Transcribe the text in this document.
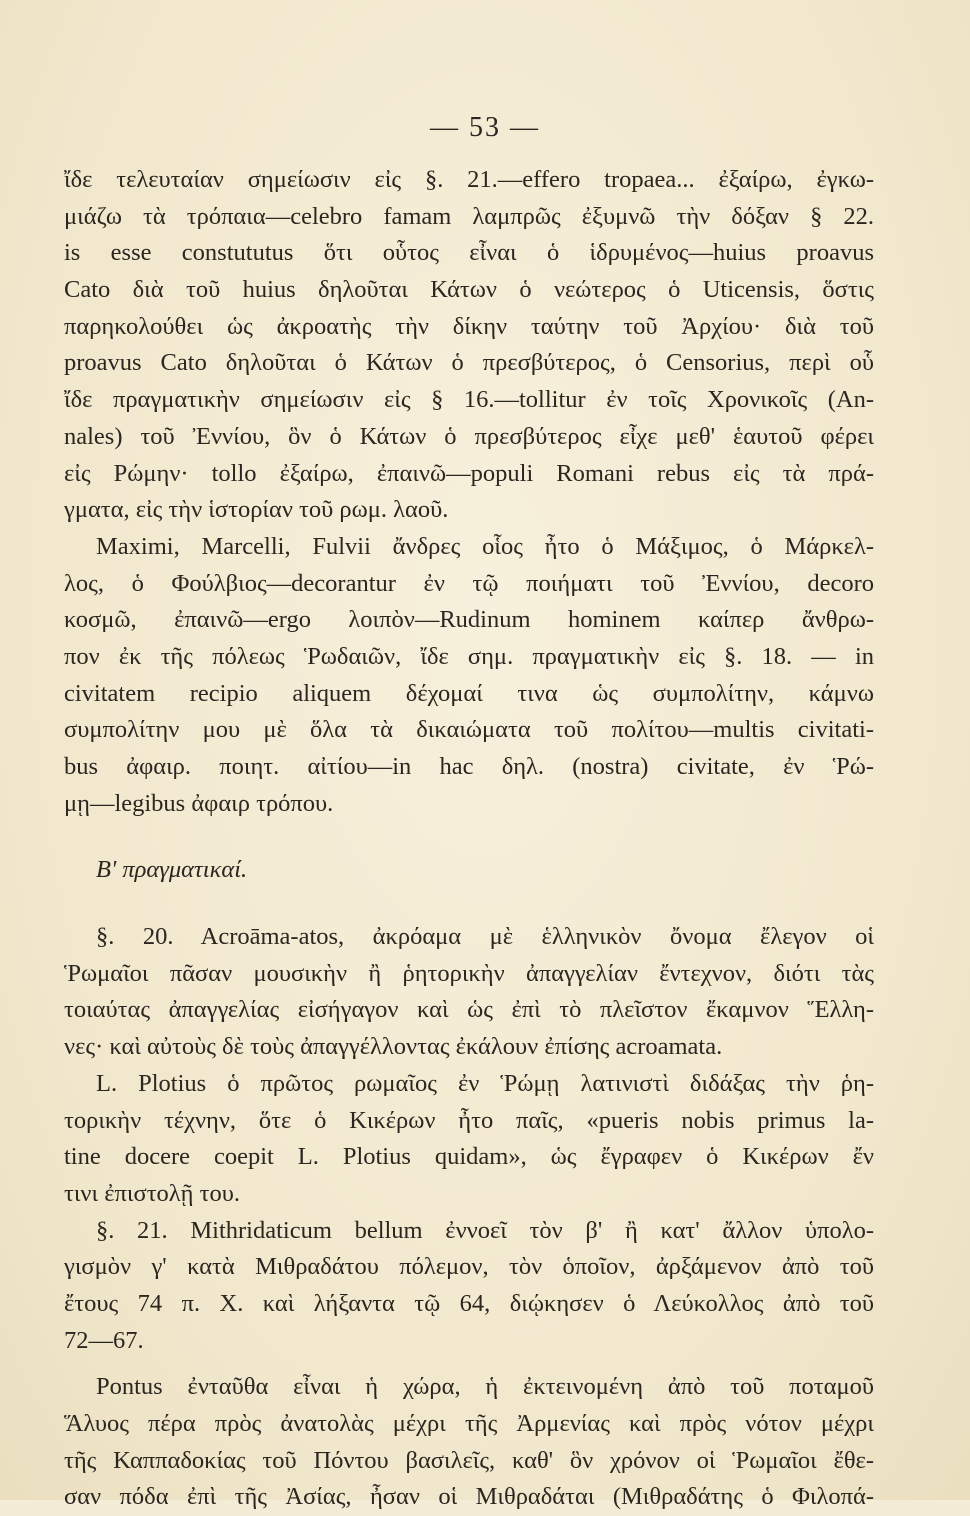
— 53 —
ἴδε τελευταίαν σημείωσιν εἰς §. 21.—effero tropaea... ἐξαίρω, ἐγκω-
μιάζω τὰ τρόπαια—celebro famam λαμπρῶς ἐξυμνῶ τὴν δόξαν § 22.
is esse constututus ὅτι οὗτος εἶναι ὁ ἱδρυμένος—huius proavus
Cato διὰ τοῦ huius δηλοῦται Κάτων ὁ νεώτερος ὁ Uticensis, ὅστις
παρηκολούθει ὡς ἀκροατὴς τὴν δίκην ταύτην τοῦ Ἀρχίου· διὰ τοῦ
proavus Cato δηλοῦται ὁ Κάτων ὁ πρεσβύτερος, ὁ Censorius, περὶ οὗ
ἴδε πραγματικὴν σημείωσιν εἰς § 16.—tollitur ἐν τοῖς Χρονικοῖς (An-
nales) τοῦ Ἐννίου, ὃν ὁ Κάτων ὁ πρεσβύτερος εἶχε μεθ' ἑαυτοῦ φέρει
εἰς Ρώμην· tollo ἐξαίρω, ἐπαινῶ—populi Romani rebus εἰς τὰ πρά-
γματα, εἰς τὴν ἱστορίαν τοῦ ρωμ. λαοῦ.
Maximi, Marcelli, Fulvii ἄνδρες οἷος ἦτο ὁ Μάξιμος, ὁ Μάρκελ-
λος, ὁ Φούλβιος—decorantur ἐν τῷ ποιήματι τοῦ Ἐννίου, decoro
κοσμῶ, ἐπαινῶ—ergo λοιπὸν—Rudinum hominem καίπερ ἄνθρω-
πον ἐκ τῆς πόλεως Ῥωδαιῶν, ἴδε σημ. πραγματικὴν εἰς §. 18. — in
civitatem recipio aliquem δέχομαί τινα ὡς συμπολίτην, κάμνω
συμπολίτην μου μὲ ὅλα τὰ δικαιώματα τοῦ πολίτου—multis civitati-
bus ἀφαιρ. ποιητ. αἰτίου—in hac δηλ. (nostra) civitate, ἐν Ῥώ-
μῃ—legibus ἀφαιρ τρόπου.
Β' πραγματικαί.
§. 20. Acroāma-atos, ἀκρόαμα μὲ ἑλληνικὸν ὄνομα ἔλεγον οἱ
Ῥωμαῖοι πᾶσαν μουσικὴν ἢ ῥητορικὴν ἀπαγγελίαν ἔντεχνον, διότι τὰς
τοιαύτας ἀπαγγελίας εἰσήγαγον καὶ ὡς ἐπὶ τὸ πλεῖστον ἔκαμνον Ἕλλη-
νες· καὶ αὐτοὺς δὲ τοὺς ἀπαγγέλλοντας ἐκάλουν ἐπίσης acroamata.
L. Plotius ὁ πρῶτος ρωμαῖος ἐν Ῥώμῃ λατινιστὶ διδάξας τὴν ῥη-
τορικὴν τέχνην, ὅτε ὁ Κικέρων ἦτο παῖς, «pueris nobis primus la-
tine docere coepit L. Plotius quidam», ὡς ἔγραφεν ὁ Κικέρων ἔν
τινι ἐπιστολῇ του.
§. 21. Mithridaticum bellum ἐννοεῖ τὸν β' ἢ κατ' ἄλλον ὑπολο-
γισμὸν γ' κατὰ Μιθραδάτου πόλεμον, τὸν ὁποῖον, ἀρξάμενον ἀπὸ τοῦ
ἔτους 74 π. Χ. καὶ λήξαντα τῷ 64, διῴκησεν ὁ Λεύκολλος ἀπὸ τοῦ
72—67.
Pontus ἐνταῦθα εἶναι ἡ χώρα, ἡ ἐκτεινομένη ἀπὸ τοῦ ποταμοῦ
Ἅλυος πέρα πρὸς ἀνατολὰς μέχρι τῆς Ἀρμενίας καὶ πρὸς νότον μέχρι
τῆς Καππαδοκίας τοῦ Πόντου βασιλεῖς, καθ' ὃν χρόνον οἱ Ῥωμαῖοι ἔθε-
σαν πόδα ἐπὶ τῆς Ἀσίας, ἦσαν οἱ Μιθραδάται (Μιθραδάτης ὁ Φιλοπά-
